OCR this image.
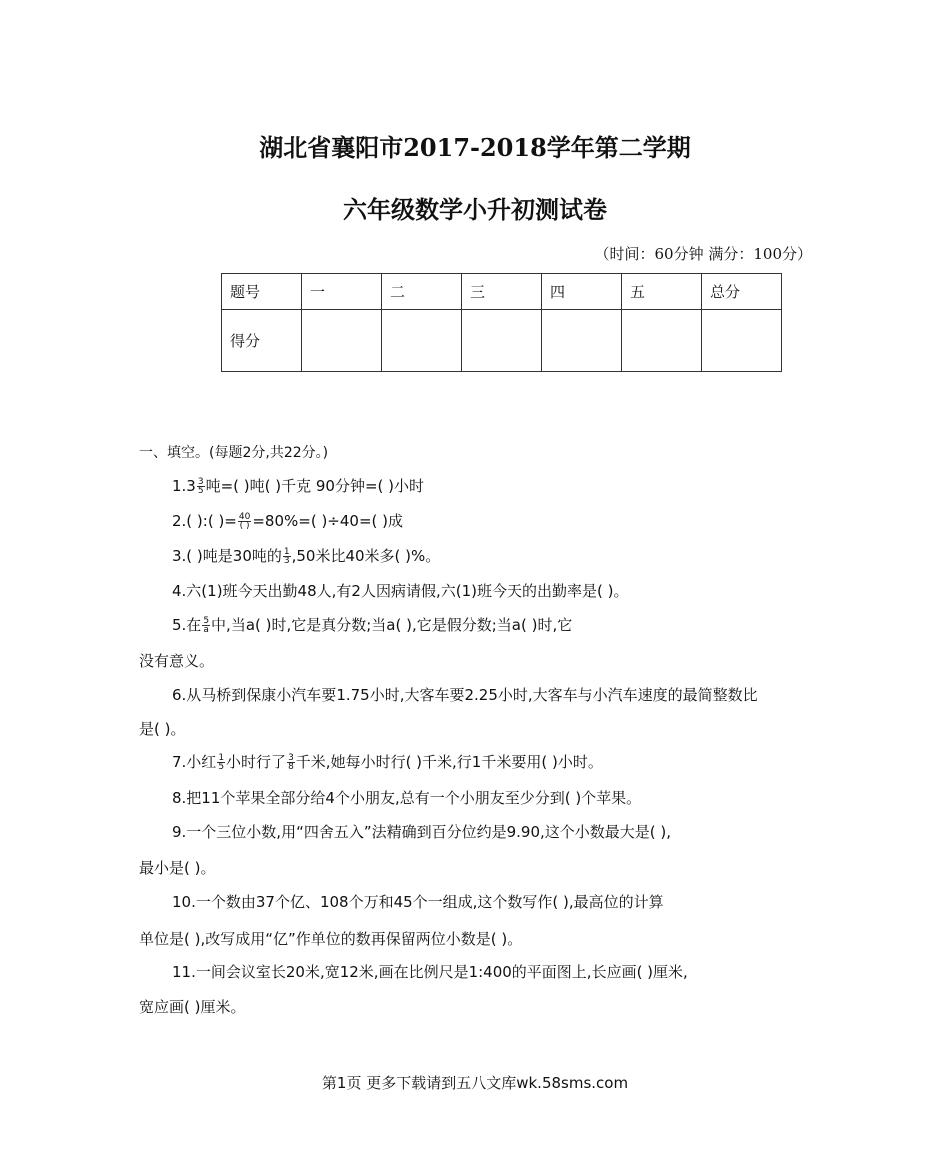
湖北省襄阳市2017-2018学年第二学期
六年级数学小升初测试卷
（时间：60分钟 满分：100分）
题号	一	二	三	四	五	总分
得分						
一、填空。(每题2分,共22分。)
$1.3 \frac{3}{5}$ 吨=( )吨( )千克 90分钟=( )小时
2.( ):( )= $\frac{40}{( )} =80\%=$( )÷40=( )成
3.( )吨是30吨的 $\frac{1}{3} ,50$米比40米多( )%。
4.六(1)班今天出勤48人,有2人因病请假,六(1)班今天的出勤率是( )。
5.在 $\frac{5}{a}$ 中,当a( )时,它是真分数;当a( ),它是假分数;当a( )时,它
没有意义。
6.从马桥到保康小汽车要1.75小时,大客车要2.25小时,大客车与小汽车速度的最简整数比
是( )。
7.小红 $\frac{1}{5}$ 小时行了 $\frac{3}{8}$ 千米,她每小时行( )千米,行1千米要用( )小时。
8.把11个苹果全部分给4个小朋友,总有一个小朋友至少分到( )个苹果。
9.一个三位小数,用“四舍五入”法精确到百分位约是9.90,这个小数最大是( ),
最小是( )。
10.一个数由37个亿、108个万和45个一组成,这个数写作( ),最高位的计算
单位是( ),改写成用“亿”作单位的数再保留两位小数是( )。
11.一间会议室长20米,宽12米,画在比例尺是1:400的平面图上,长应画( )厘米,
宽应画( )厘米。
第1页 更多下载请到五八文库wk.58sms.com
